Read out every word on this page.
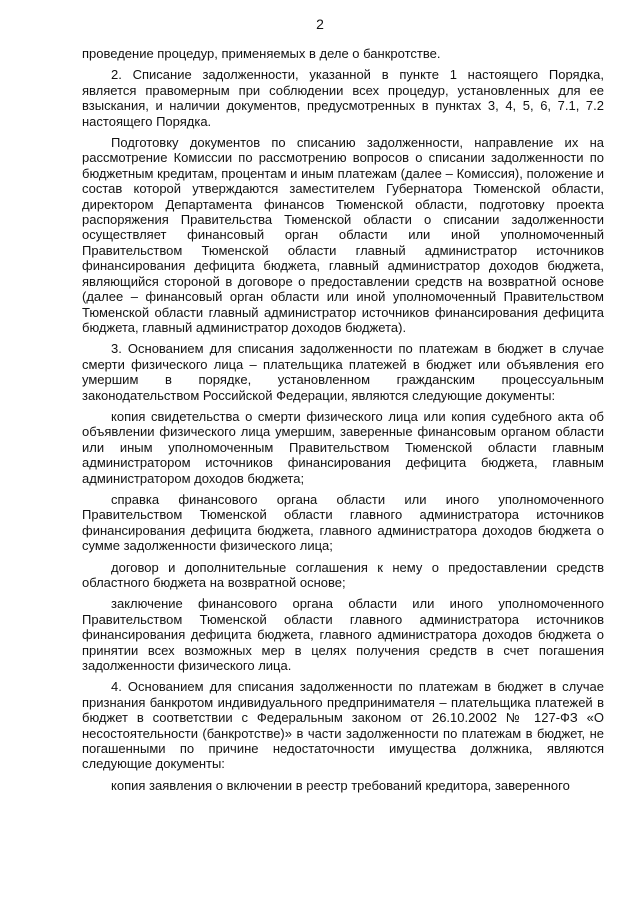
2

проведение процедур, применяемых в деле о банкротстве.

2. Списание задолженности, указанной в пункте 1 настоящего Порядка, является правомерным при соблюдении всех процедур, установленных для ее взыскания, и наличии документов, предусмотренных в пунктах 3, 4, 5, 6, 7.1, 7.2 настоящего Порядка.

Подготовку документов по списанию задолженности, направление их на рассмотрение Комиссии по рассмотрению вопросов о списании задолженности по бюджетным кредитам, процентам и иным платежам (далее – Комиссия), положение и состав которой утверждаются заместителем Губернатора Тюменской области, директором Департамента финансов Тюменской области, подготовку проекта распоряжения Правительства Тюменской области о списании задолженности осуществляет финансовый орган области или иной уполномоченный Правительством Тюменской области главный администратор источников финансирования дефицита бюджета, главный администратор доходов бюджета, являющийся стороной в договоре о предоставлении средств на возвратной основе (далее – финансовый орган области или иной уполномоченный Правительством Тюменской области главный администратор источников финансирования дефицита бюджета, главный администратор доходов бюджета).

3. Основанием для списания задолженности по платежам в бюджет в случае смерти физического лица – плательщика платежей в бюджет или объявления его умершим в порядке, установленном гражданским процессуальным законодательством Российской Федерации, являются следующие документы:

копия свидетельства о смерти физического лица или копия судебного акта об объявлении физического лица умершим, заверенные финансовым органом области или иным уполномоченным Правительством Тюменской области главным администратором источников финансирования дефицита бюджета, главным администратором доходов бюджета;

справка финансового органа области или иного уполномоченного Правительством Тюменской области главного администратора источников финансирования дефицита бюджета, главного администратора доходов бюджета о сумме задолженности физического лица;

договор и дополнительные соглашения к нему о предоставлении средств областного бюджета на возвратной основе;

заключение финансового органа области или иного уполномоченного Правительством Тюменской области главного администратора источников финансирования дефицита бюджета, главного администратора доходов бюджета о принятии всех возможных мер в целях получения средств в счет погашения задолженности физического лица.

4. Основанием для списания задолженности по платежам в бюджет в случае признания банкротом индивидуального предпринимателя – плательщика платежей в бюджет в соответствии с Федеральным законом от 26.10.2002 № 127-ФЗ «О несостоятельности (банкротстве)» в части задолженности по платежам в бюджет, не погашенными по причине недостаточности имущества должника, являются следующие документы:

копия заявления о включении в реестр требований кредитора, заверенного
